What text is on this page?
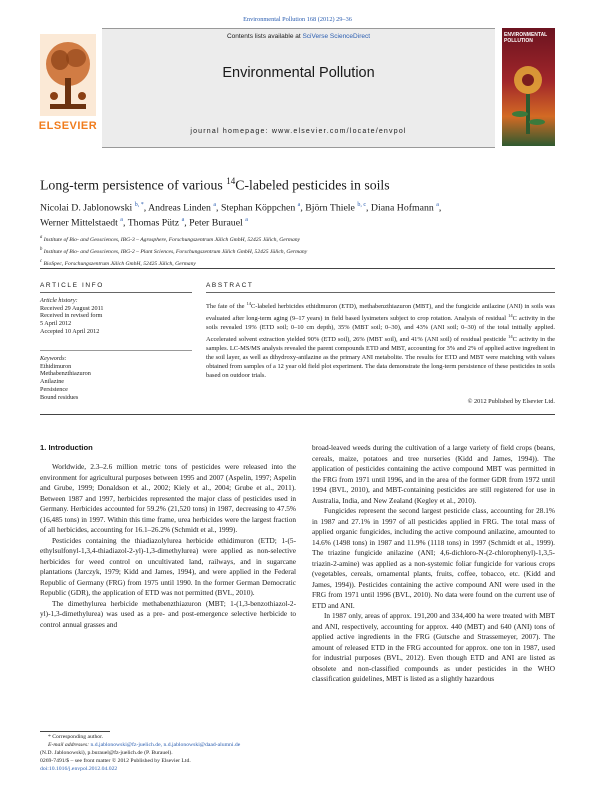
Environmental Pollution 168 (2012) 29–36
ELSEVIER
Contents lists available at SciVerse ScienceDirect
Environmental Pollution
journal homepage: www.elsevier.com/locate/envpol
ENVIRONMENTAL POLLUTION
Long-term persistence of various $^{14}$C-labeled pesticides in soils
Nicolai D. Jablonowski $^{b, *}$, Andreas Linden $^a$, Stephan Köppchen $^a$, Björn Thiele $^{b, c}$, Diana Hofmann $^a$,
Werner Mittelstaedt $^a$, Thomas Pütz $^a$, Peter Burauel $^a$
$^a$ Institute of Bio- and Geosciences, IBG-3 – Agrosphere, Forschungszentrum Jülich GmbH, 52425 Jülich, Germany
$^b$ Institute of Bio- and Geosciences, IBG-2 – Plant Sciences, Forschungszentrum Jülich GmbH, 52425 Jülich, Germany
$^c$ BioSpec, Forschungszentrum Jülich GmbH, 52425 Jülich, Germany
ARTICLE INFO	ABSTRACT
Article history:
Received 29 August 2011
Received in revised form
5 April 2012
Accepted 10 April 2012
Keywords:
Ethidimuron
Methabenzthiazuron
Anilazine
Persistence
Bound residues
The fate of the $^{14}$C-labeled herbicides ethidimuron (ETD), methabenzthiazuron (MBT), and the fungicide anilazine (ANI) in soils was evaluated after long-term aging (9–17 years) in field based lysimeters subject to crop rotation. Analysis of residual $^{14}$C activity in the soils revealed 19% (ETD soil; 0–10 cm depth), 35% (MBT soil; 0–30), and 43% (ANI soil; 0–30) of the total initially applied. Accelerated solvent extraction yielded 90% (ETD soil), 26% (MBT soil), and 41% (ANI soil) of residual pesticide $^{14}$C activity in the samples. LC-MS/MS analysis revealed the parent compounds ETD and MBT, accounting for 3% and 2% of applied active ingredient in the soil layer, as well as dihydroxy-anilazine as the primary ANI metabolite. The results for ETD and MBT were matching with values obtained from samples of a 12 year old field plot experiment. The data demonstrate the long-term persistence of these pesticides in soils based on outdoor trials.
© 2012 Published by Elsevier Ltd.
1. Introduction

Worldwide, 2.3–2.6 million metric tons of pesticides were released into the environment for agricultural purposes between 1995 and 2007 (Aspelin, 1997; Aspelin and Grube, 1999; Donaldson et al., 2002; Kiely et al., 2004; Grube et al., 2011). Between 1987 and 1997, herbicides represented the major class of pesticides used in Germany. Herbicides accounted for 59.2% (21,520 tons) in 1987, decreasing to 47.5% (16,485 tons) in 1997. Within this time frame, urea herbicides were the largest fraction of all herbicides, accounting for 16.1–26.2% (Schmidt et al., 1999).

Pesticides containing the thiadiazolylurea herbicide ethidimuron (ETD; 1-(5-ethylsulfonyl-1,3,4-thiadiazol-2-yl)-1,3-dimethylurea) were applied as non-selective herbicides for weed control on uncultivated land, railways, and in sugarcane plantations (Jarczyk, 1979; Kidd and James, 1994), and were applied in the Federal Republic of Germany (FRG) from 1975 until 1990. In the former German Democratic Republic (GDR), the application of ETD was not permitted (BVL, 2010).

The dimethylurea herbicide methabenzthiazuron (MBT; 1-(1,3-benzothiazol-2-yl)-1,3-dimethylurea) was used as a pre- and post-emergence selective herbicide to control annual grasses and

broad-leaved weeds during the cultivation of a large variety of field crops (beans, cereals, maize, potatoes and tree nurseries (Kidd and James, 1994)). The application of pesticides containing the active compound MBT was permitted in the FRG from 1971 until 1996, and in the area of the former GDR from 1972 until 1994 (BVL, 2010), and MBT-containing pesticides are still registered for use in Australia, India, and New Zealand (Kegley et al., 2010).

Fungicides represent the second largest pesticide class, accounting for 28.1% in 1987 and 27.1% in 1997 of all pesticides applied in FRG. The total mass of applied organic fungicides, including the active compound anilazine, amounted to 14.6% (1498 tons) in 1987 and 11.9% (1118 tons) in 1997 (Schmidt et al., 1999). The triazine fungicide anilazine (ANI; 4,6-dichloro-N-(2-chlorophenyl)-1,3,5-triazin-2-amine) was applied as a non-systemic foliar fungicide for various crops (vegetables, cereals, ornamental plants, fruits, coffee, tobacco, etc. (Kidd and James, 1994)). Pesticides containing the active compound ANI were used in the FRG from 1971 until 1996 (BVL, 2010). No data were found on the current use of ETD and ANI.

In 1987 only, areas of approx. 191,200 and 334,400 ha were treated with MBT and ANI, respectively, accounting for approx. 440 (MBT) and 640 (ANI) tons of applied active ingredients in the FRG (Gutsche and Strassemeyer, 2007). The amount of released ETD in the FRG accounted for approx. one ton in 1987, used for industrial purposes (BVL, 2012). Even though ETD and ANI are listed as obsolete and non-classified compounds as under pesticides in the WHO classification guidelines, MBT is listed as a slightly hazardous

* Corresponding author.
E-mail addresses: n.d.jablonowski@fz-juelich.de, n.d.jablonowski@daad-alumni.de
(N.D. Jablonowski), p.burauel@fz-juelich.de (P. Burauel).
0269-7491/$ – see front matter © 2012 Published by Elsevier Ltd.
doi:10.1016/j.envpol.2012.04.022
